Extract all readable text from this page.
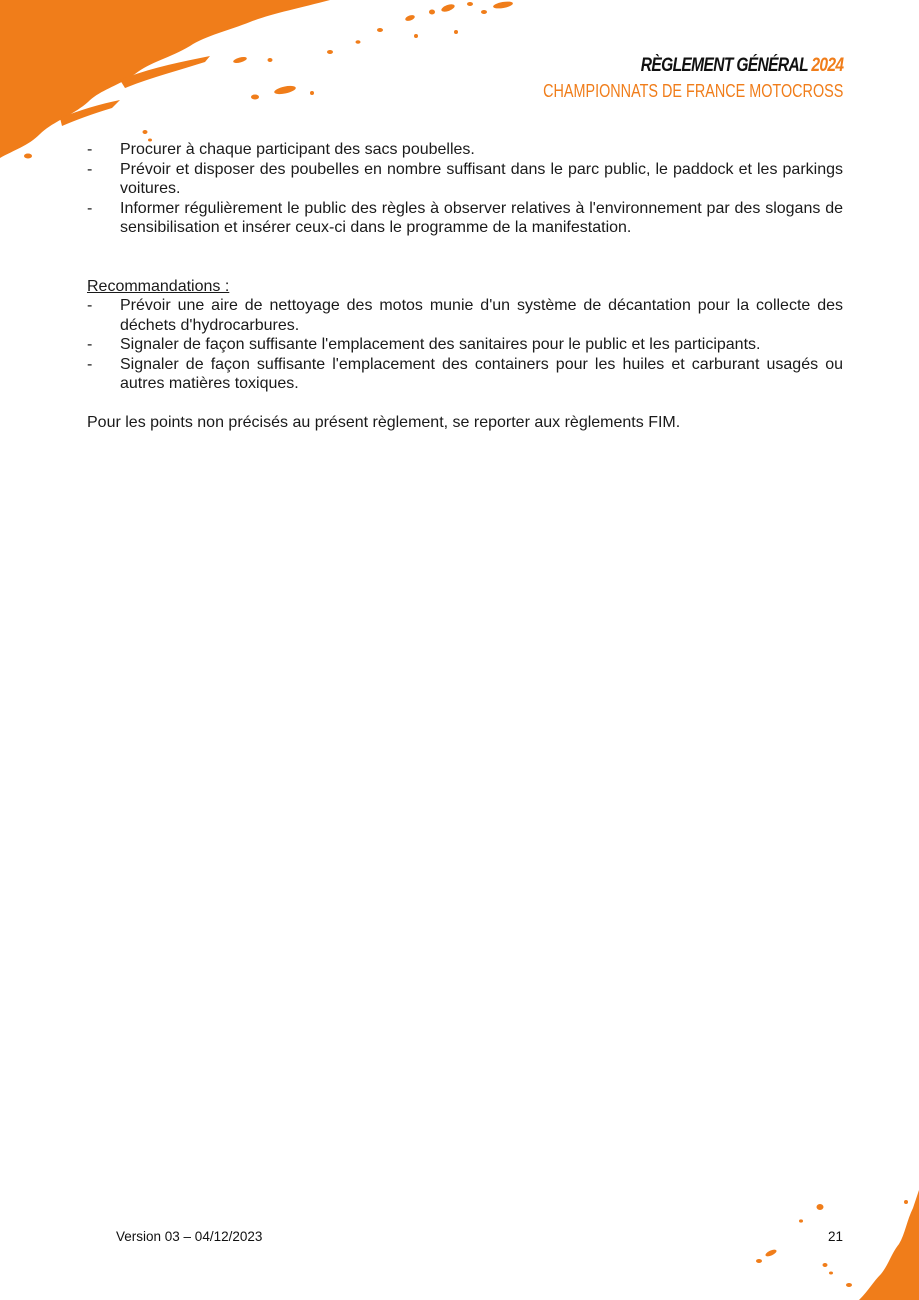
RÈGLEMENT GÉNÉRAL 2024
CHAMPIONNATS DE FRANCE MOTOCROSS
- Procurer à chaque participant des sacs poubelles.
- Prévoir et disposer des poubelles en nombre suffisant dans le parc public, le paddock et les parkings voitures.
- Informer régulièrement le public des règles à observer relatives à l'environnement par des slogans de sensibilisation et insérer ceux-ci dans le programme de la manifestation.
Recommandations :
- Prévoir une aire de nettoyage des motos munie d'un système de décantation pour la collecte des déchets d'hydrocarbures.
- Signaler de façon suffisante l'emplacement des sanitaires pour le public et les participants.
- Signaler de façon suffisante l'emplacement des containers pour les huiles et carburant usagés ou autres matières toxiques.
Pour les points non précisés au présent règlement, se reporter aux règlements FIM.
Version 03 – 04/12/2023	21
